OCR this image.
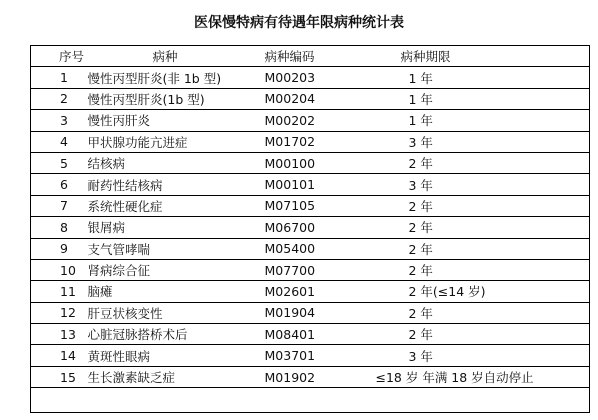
医保慢特病有待遇年限病种统计表
序号	病种	病种编码	病种期限
1	慢性丙型肝炎(非 1b 型)	M00203	1 年
2	慢性丙型肝炎(1b 型)	M00204	1 年
3	慢性丙肝炎	M00202	1 年
4	甲状腺功能亢进症	M01702	3 年
5	结核病	M00100	2 年
6	耐药性结核病	M00101	3 年
7	系统性硬化症	M07105	2 年
8	银屑病	M06700	2 年
9	支气管哮喘	M05400	2 年
10	肾病综合征	M07700	2 年
11	脑瘫	M02601	2 年(≤14 岁)
12	肝豆状核变性	M01904	2 年
13	心脏冠脉搭桥术后	M08401	2 年
14	黄斑性眼病	M03701	3 年
15	生长激素缺乏症	M01902	≤18 岁 年满 18 岁自动停止
